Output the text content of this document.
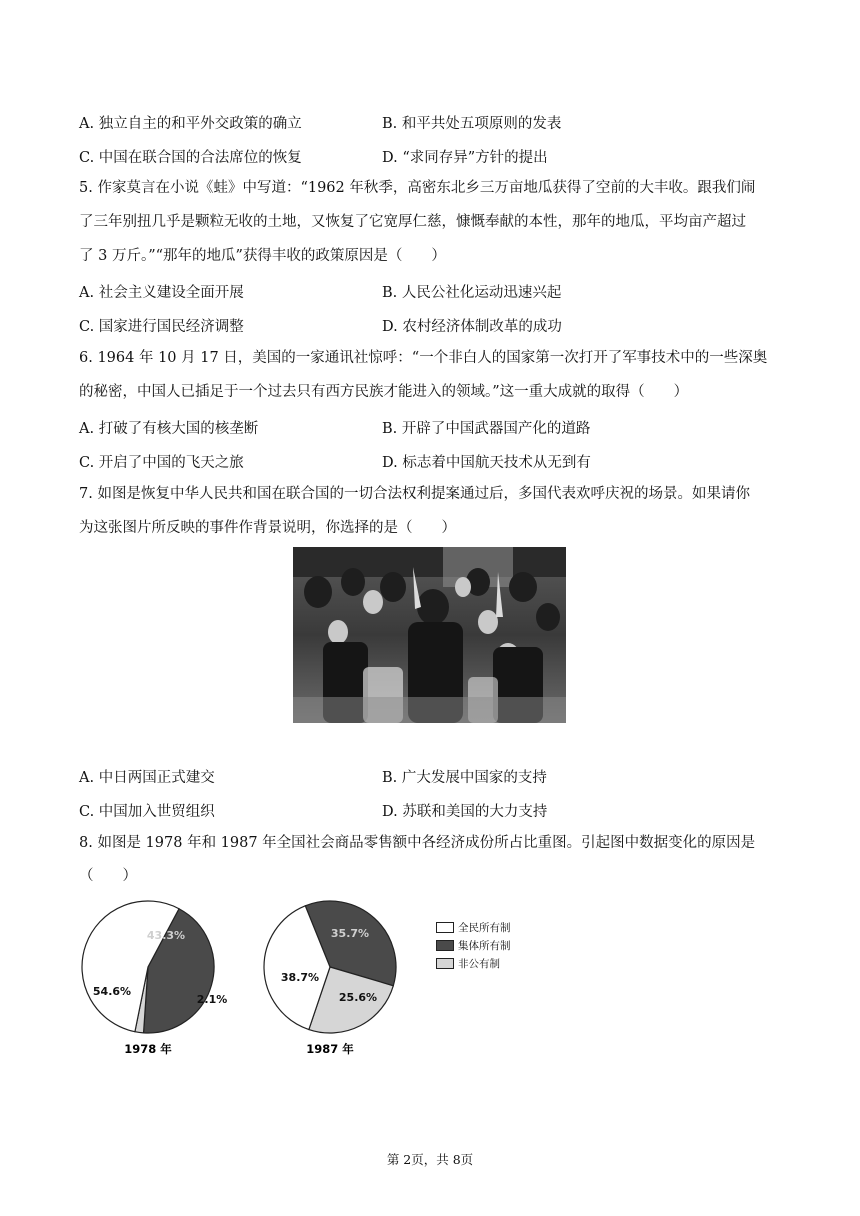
A. 独立自主的和平外交政策的确立	B. 和平共处五项原则的发表
C. 中国在联合国的合法席位的恢复	D. “求同存异”方针的提出
5. 作家莫言在小说《蛙》中写道：“1962 年秋季，高密东北乡三万亩地瓜获得了空前的大丰收。跟我们闹
了三年别扭几乎是颗粒无收的土地，又恢复了它宽厚仁慈，慷慨奉献的本性，那年的地瓜，平均亩产超过
了 3 万斤。”“那年的地瓜”获得丰收的政策原因是（　　）
A. 社会主义建设全面开展	B. 人民公社化运动迅速兴起
C. 国家进行国民经济调整	D. 农村经济体制改革的成功
6. 1964 年 10 月 17 日，美国的一家通讯社惊呼：“一个非白人的国家第一次打开了军事技术中的一些深奥
的秘密，中国人已插足于一个过去只有西方民族才能进入的领域。”这一重大成就的取得（　　）
A. 打破了有核大国的核垄断	B. 开辟了中国武器国产化的道路
C. 开启了中国的飞天之旅	D. 标志着中国航天技术从无到有
7. 如图是恢复中华人民共和国在联合国的一切合法权利提案通过后，多国代表欢呼庆祝的场景。如果请你
为这张图片所反映的事件作背景说明，你选择的是（　　）
A. 中日两国正式建交	B. 广大发展中国家的支持
C. 中国加入世贸组织	D. 苏联和美国的大力支持
8. 如图是 1978 年和 1987 年全国社会商品零售额中各经济成份所占比重图。引起图中数据变化的原因是
（　　）
54.6%
43.3%
2.1%
1978 年
38.7%
35.7%
25.6%
1987 年
全民所有制
集体所有制
非公有制
第 2页，共 8页
